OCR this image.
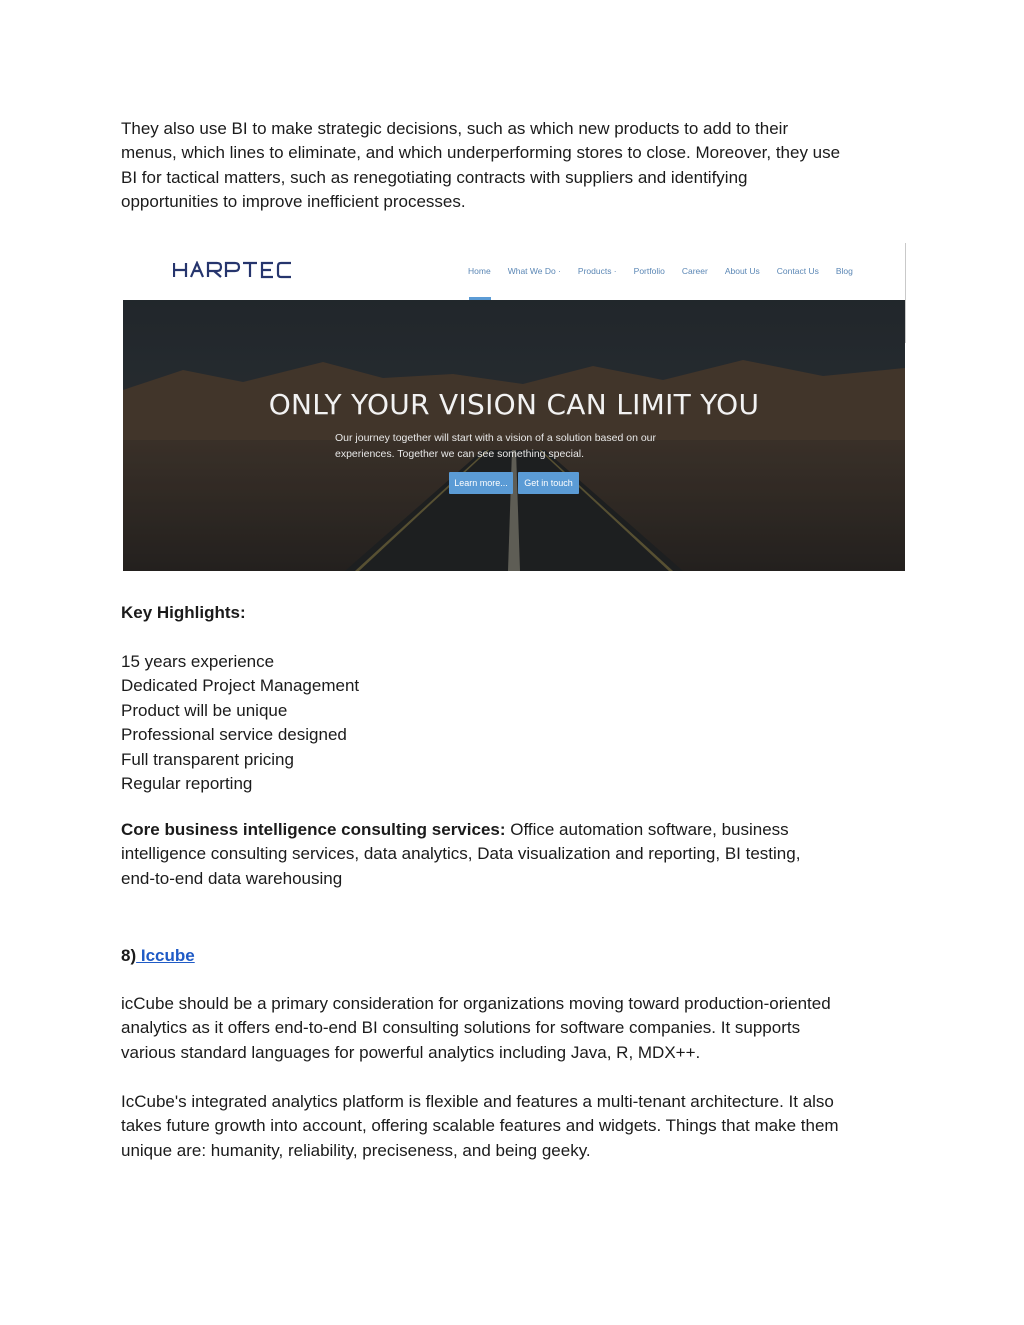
They also use BI to make strategic decisions, such as which new products to add to their
menus, which lines to eliminate, and which underperforming stores to close. Moreover, they use
BI for tactical matters, such as renegotiating contracts with suppliers and identifying
opportunities to improve inefficient processes.

Home What We Do · Products · Portfolio Career About Us Contact Us Blog
ONLY YOUR VISION CAN LIMIT YOU
Our journey together will start with a vision of a solution based on our
experiences. Together we can see something special.
Learn more...	Get in touch

Key Highlights:

15 years experience
Dedicated Project Management
Product will be unique
Professional service designed
Full transparent pricing
Regular reporting

Core business intelligence consulting services: Office automation software, business
intelligence consulting services, data analytics, Data visualization and reporting, BI testing,
end-to-end data warehousing

8) Iccube

icCube should be a primary consideration for organizations moving toward production-oriented
analytics as it offers end-to-end BI consulting solutions for software companies. It supports
various standard languages for powerful analytics including Java, R, MDX++.

IcCube's integrated analytics platform is flexible and features a multi-tenant architecture. It also
takes future growth into account, offering scalable features and widgets. Things that make them
unique are: humanity, reliability, preciseness, and being geeky.
